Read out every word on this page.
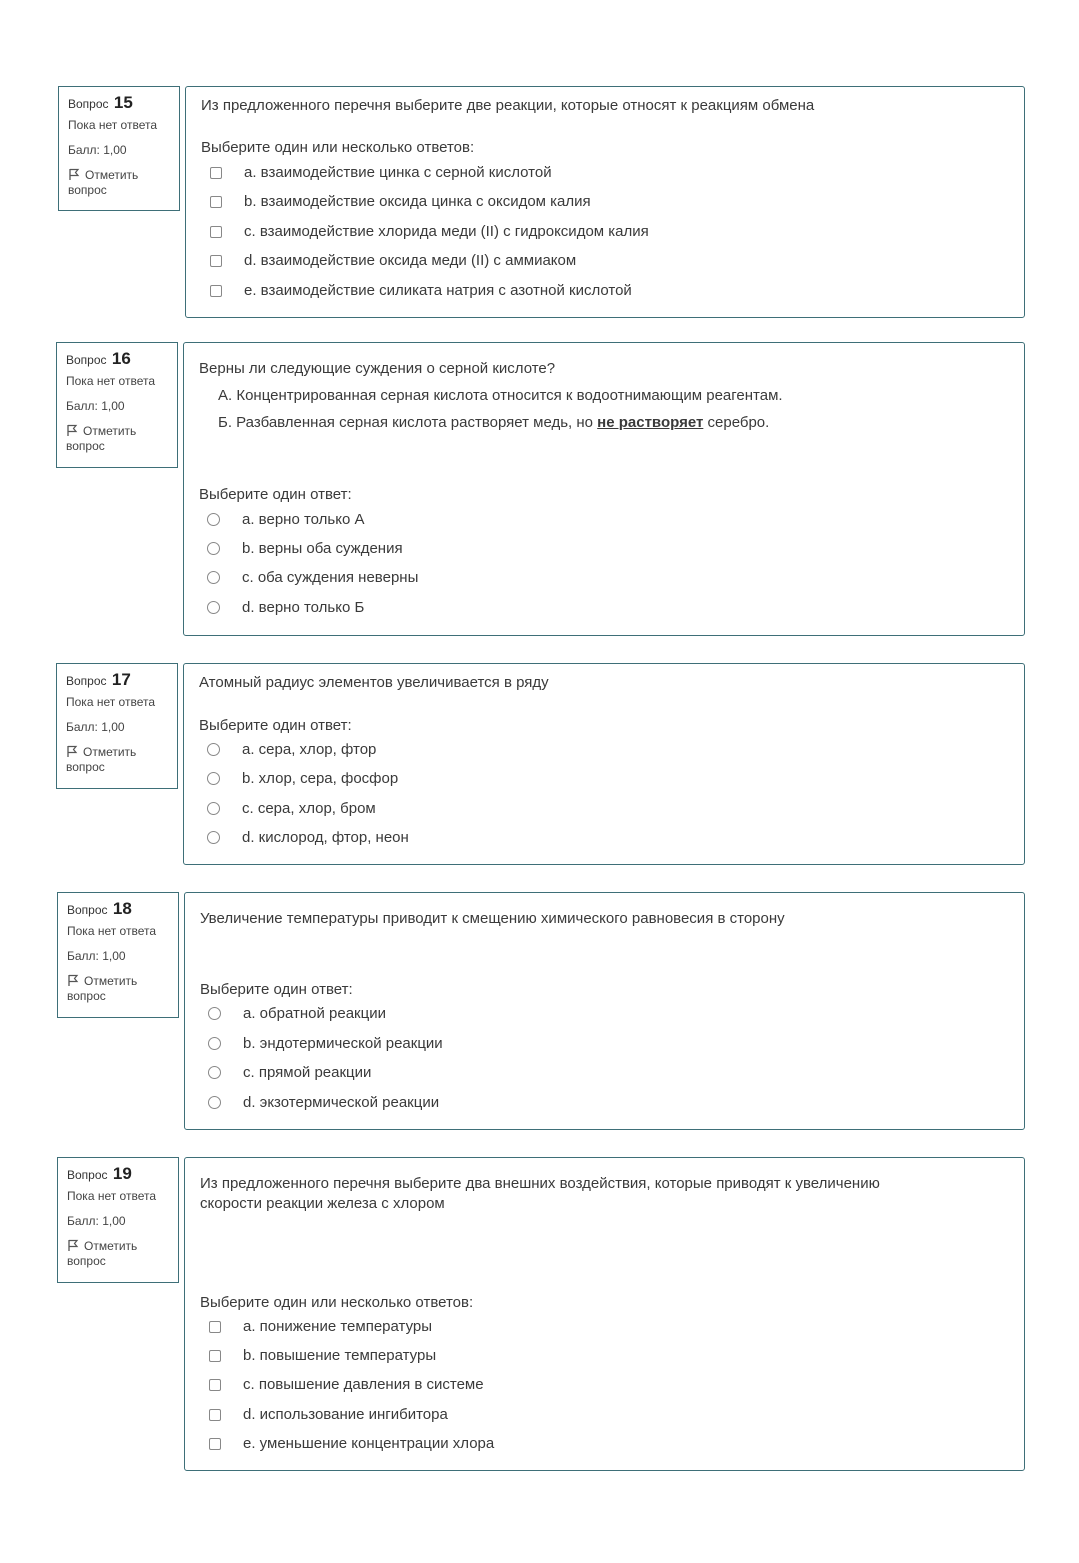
Вопрос 15
Пока нет ответа
Балл: 1,00
Отметить вопрос
Из предложенного перечня выберите две реакции, которые относят к реакциям обмена
Выберите один или несколько ответов:
a. взаимодействие цинка с серной кислотой
b. взаимодействие оксида цинка с оксидом калия
c. взаимодействие хлорида меди (II) с гидроксидом калия
d. взаимодействие оксида меди (II) с аммиаком
e. взаимодействие силиката натрия с азотной кислотой
Вопрос 16
Пока нет ответа
Балл: 1,00
Отметить вопрос
Верны ли следующие суждения о серной кислоте?
А. Концентрированная серная кислота относится к водоотнимающим реагентам.
Б. Разбавленная серная кислота растворяет медь, но не растворяет серебро.
Выберите один ответ:
a. верно только А
b. верны оба суждения
c. оба суждения неверны
d. верно только Б
Вопрос 17
Пока нет ответа
Балл: 1,00
Отметить вопрос
Атомный радиус элементов увеличивается в ряду
Выберите один ответ:
a. сера, хлор, фтор
b. хлор, сера, фосфор
c. сера, хлор, бром
d. кислород, фтор, неон
Вопрос 18
Пока нет ответа
Балл: 1,00
Отметить вопрос
Увеличение температуры приводит к смещению химического равновесия в сторону
Выберите один ответ:
a. обратной реакции
b. эндотермической реакции
c. прямой реакции
d. экзотермической реакции
Вопрос 19
Пока нет ответа
Балл: 1,00
Отметить вопрос
Из предложенного перечня выберите два внешних воздействия, которые приводят к увеличению скорости реакции железа с хлором
Выберите один или несколько ответов:
a. понижение температуры
b. повышение температуры
c. повышение давления в системе
d. использование ингибитора
e. уменьшение концентрации хлора
